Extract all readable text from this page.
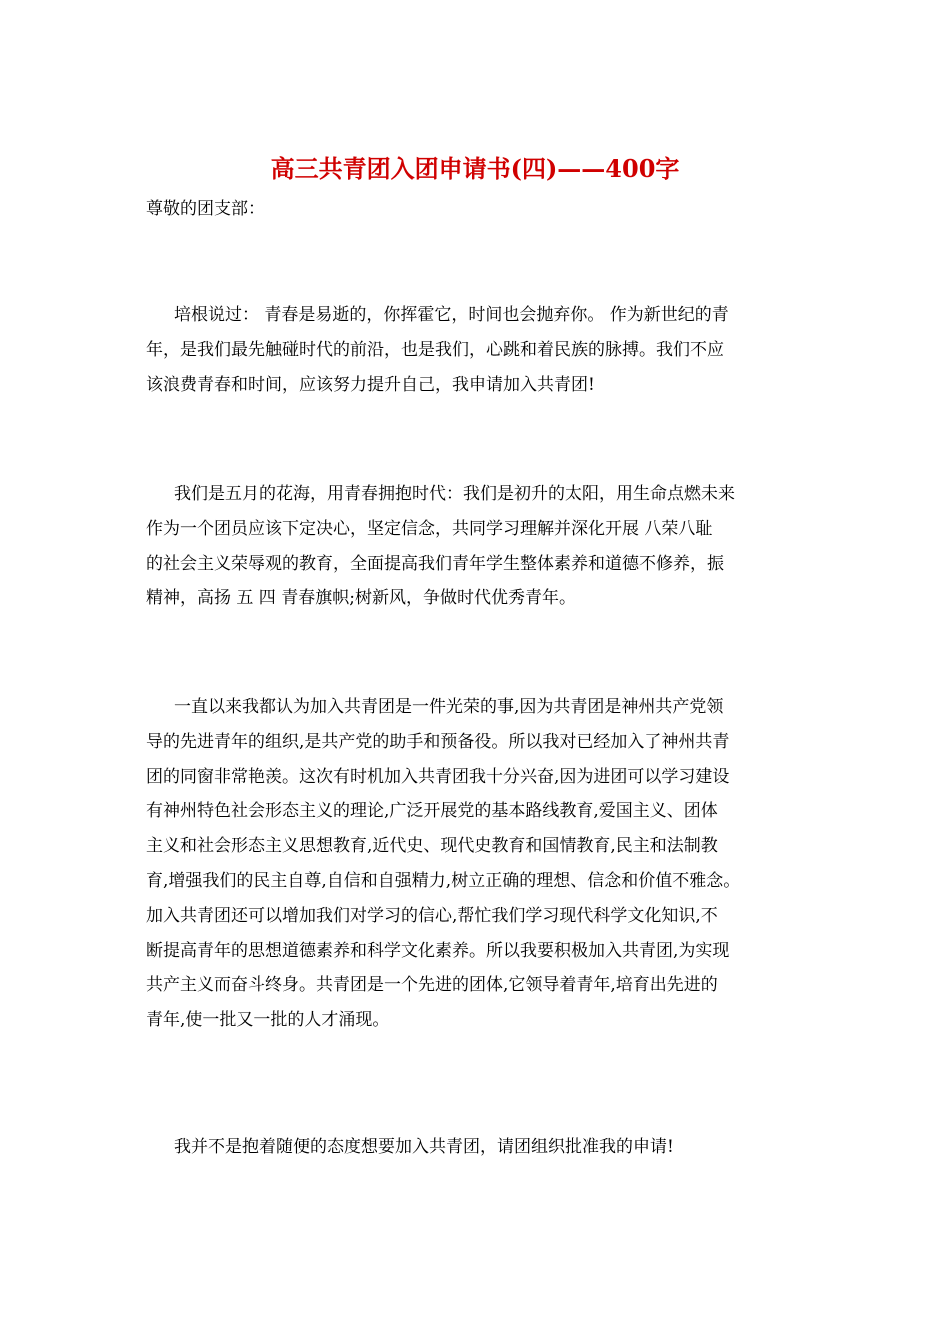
高三共青团入团申请书(四)——400字
尊敬的团支部：
培根说过： 青春是易逝的，你挥霍它，时间也会抛弃你。 作为新世纪的青
年，是我们最先触碰时代的前沿，也是我们，心跳和着民族的脉搏。我们不应
该浪费青春和时间，应该努力提升自己，我申请加入共青团!
我们是五月的花海，用青春拥抱时代：我们是初升的太阳，用生命点燃未来
作为一个团员应该下定决心，坚定信念，共同学习理解并深化开展 八荣八耻
的社会主义荣辱观的教育，全面提高我们青年学生整体素养和道德不修养，振
精神，高扬 五 四 青春旗帜;树新风，争做时代优秀青年。
一直以来我都认为加入共青团是一件光荣的事,因为共青团是神州共产党领
导的先进青年的组织,是共产党的助手和预备役。所以我对已经加入了神州共青
团的同窗非常艳羡。这次有时机加入共青团我十分兴奋,因为进团可以学习建设
有神州特色社会形态主义的理论,广泛开展党的基本路线教育,爱国主义、团体
主义和社会形态主义思想教育,近代史、现代史教育和国情教育,民主和法制教
育,增强我们的民主自尊,自信和自强精力,树立正确的理想、信念和价值不雅念。
加入共青团还可以增加我们对学习的信心,帮忙我们学习现代科学文化知识,不
断提高青年的思想道德素养和科学文化素养。所以我要积极加入共青团,为实现
共产主义而奋斗终身。共青团是一个先进的团体,它领导着青年,培育出先进的
青年,使一批又一批的人才涌现。
我并不是抱着随便的态度想要加入共青团，请团组织批准我的申请!
